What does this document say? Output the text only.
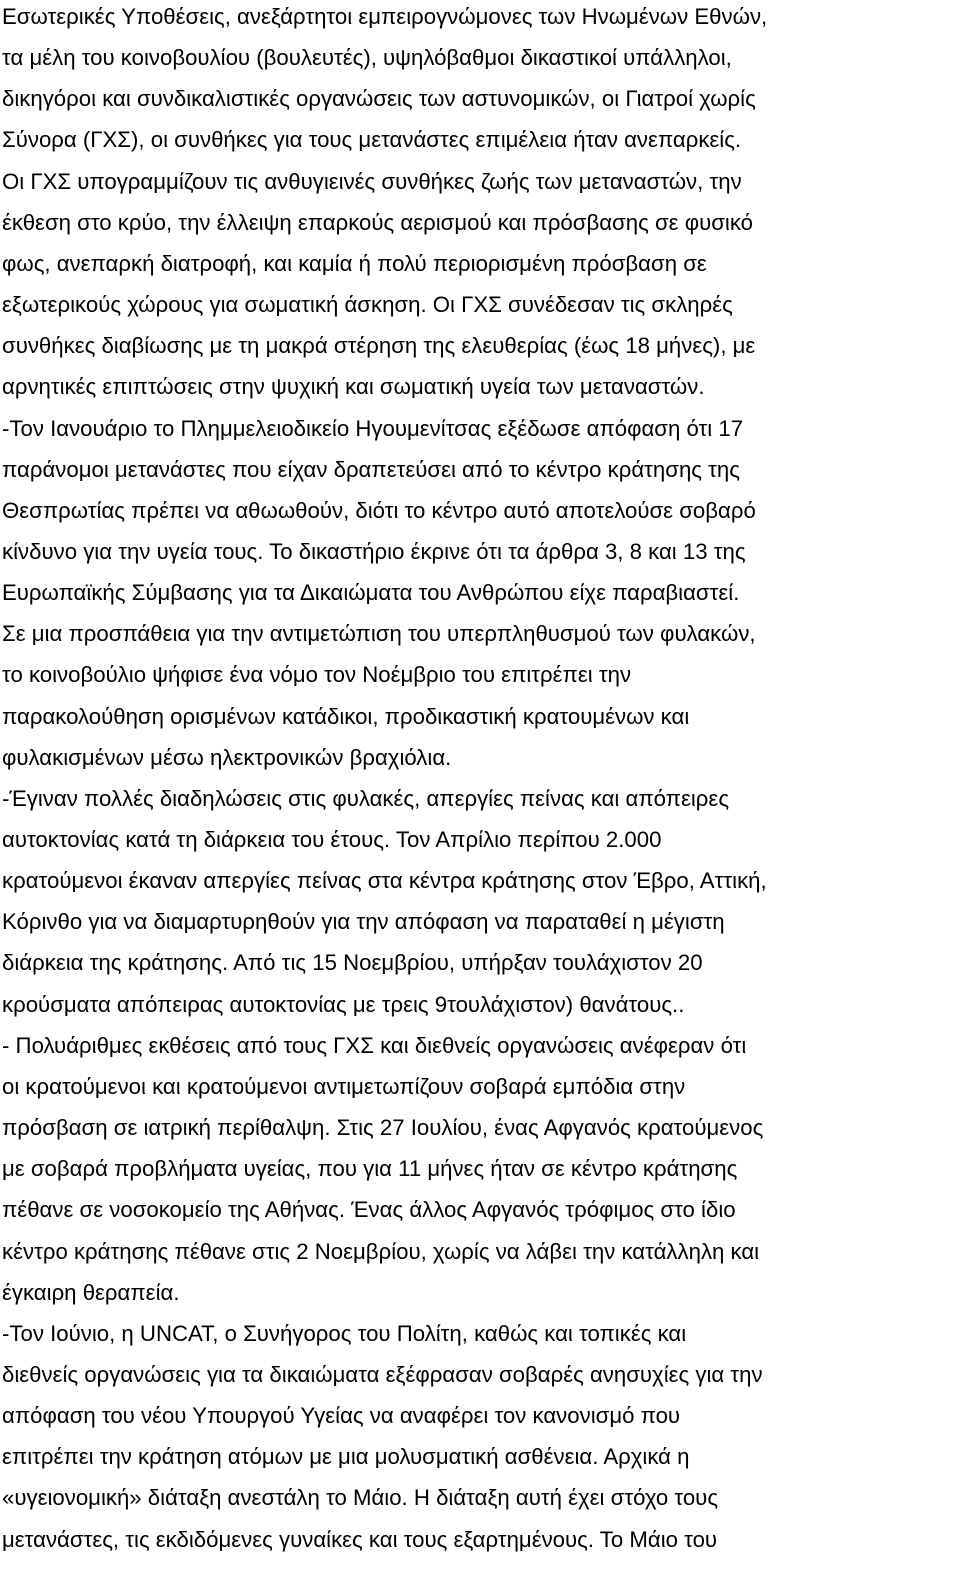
Εσωτερικές Υποθέσεις, ανεξάρτητοι εμπειρογνώμονες των Ηνωμένων Εθνών,
τα μέλη του κοινοβουλίου (βουλευτές), υψηλόβαθμοι δικαστικοί υπάλληλοι,
δικηγόροι και συνδικαλιστικές οργανώσεις των αστυνομικών, οι Γιατροί χωρίς
Σύνορα (ΓΧΣ), οι συνθήκες για τους μετανάστες επιμέλεια ήταν ανεπαρκείς.
Οι ΓΧΣ υπογραμμίζουν τις ανθυγιεινές συνθήκες ζωής των μεταναστών, την
έκθεση στο κρύο, την έλλειψη επαρκούς αερισμού και πρόσβασης σε φυσικό
φως, ανεπαρκή διατροφή, και καμία ή πολύ περιορισμένη πρόσβαση σε
εξωτερικούς χώρους για σωματική άσκηση. Οι ΓΧΣ συνέδεσαν τις σκληρές
συνθήκες διαβίωσης με τη μακρά στέρηση της ελευθερίας (έως 18 μήνες), με
αρνητικές επιπτώσεις στην ψυχική και σωματική υγεία των μεταναστών.
-Τον Ιανουάριο το Πλημμελειοδικείο Ηγουμενίτσας εξέδωσε απόφαση ότι 17
παράνομοι μετανάστες που είχαν δραπετεύσει από το κέντρο κράτησης της
Θεσπρωτίας πρέπει να αθωωθούν, διότι το κέντρο αυτό αποτελούσε σοβαρό
κίνδυνο για την υγεία τους. Το δικαστήριο έκρινε ότι τα άρθρα 3, 8 και 13 της
Ευρωπαϊκής Σύμβασης για τα Δικαιώματα του Ανθρώπου είχε παραβιαστεί.
Σε μια προσπάθεια για την αντιμετώπιση του υπερπληθυσμού των φυλακών,
το κοινοβούλιο ψήφισε ένα νόμο τον Νοέμβριο του επιτρέπει την
παρακολούθηση ορισμένων κατάδικοι, προδικαστική κρατουμένων και
φυλακισμένων μέσω ηλεκτρονικών βραχιόλια.
-Έγιναν πολλές διαδηλώσεις στις φυλακές, απεργίες πείνας και απόπειρες
αυτοκτονίας κατά τη διάρκεια του έτους. Τον Απρίλιο περίπου 2.000
κρατούμενοι έκαναν απεργίες πείνας στα κέντρα κράτησης στον Έβρο, Αττική,
Κόρινθο για να διαμαρτυρηθούν για την απόφαση να παραταθεί η μέγιστη
διάρκεια της κράτησης. Από τις 15 Νοεμβρίου, υπήρξαν τουλάχιστον 20
κρούσματα απόπειρας αυτοκτονίας με τρεις 9τουλάχιστον) θανάτους..
- Πολυάριθμες εκθέσεις από τους ΓΧΣ και διεθνείς οργανώσεις ανέφεραν ότι
οι κρατούμενοι και κρατούμενοι αντιμετωπίζουν σοβαρά εμπόδια στην
πρόσβαση σε ιατρική περίθαλψη. Στις 27 Ιουλίου, ένας Αφγανός κρατούμενος
με σοβαρά προβλήματα υγείας, που για 11 μήνες ήταν σε κέντρο κράτησης
πέθανε σε νοσοκομείο της Αθήνας. Ένας άλλος Αφγανός τρόφιμος στο ίδιο
κέντρο κράτησης πέθανε στις 2 Νοεμβρίου, χωρίς να λάβει την κατάλληλη και
έγκαιρη θεραπεία.
-Τον Ιούνιο, η UNCAT, ο Συνήγορος του Πολίτη, καθώς και τοπικές και
διεθνείς οργανώσεις για τα δικαιώματα εξέφρασαν σοβαρές ανησυχίες για την
απόφαση του νέου Υπουργού Υγείας να αναφέρει τον κανονισμό που
επιτρέπει την κράτηση ατόμων με μια μολυσματική ασθένεια. Αρχικά η
«υγειονομική» διάταξη ανεστάλη το Μάιο. Η διάταξη αυτή έχει στόχο τους
μετανάστες, τις εκδιδόμενες γυναίκες και τους εξαρτημένους. Το Μάιο του
